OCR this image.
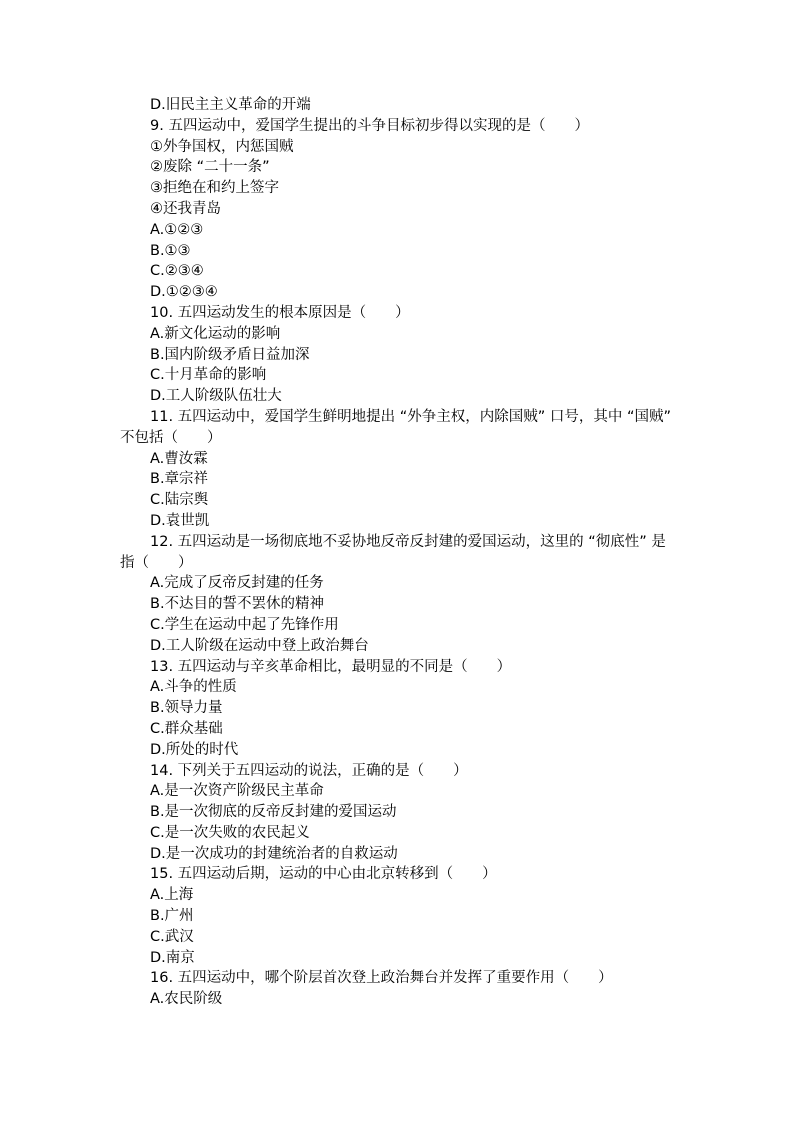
D.旧民主主义革命的开端
9. 五四运动中，爱国学生提出的斗争目标初步得以实现的是（　　）
①外争国权，内惩国贼
②废除 “二十一条”
③拒绝在和约上签字
④还我青岛
A.①②③
B.①③
C.②③④
D.①②③④
10. 五四运动发生的根本原因是（　　）
A.新文化运动的影响
B.国内阶级矛盾日益加深
C.十月革命的影响
D.工人阶级队伍壮大
11. 五四运动中，爱国学生鲜明地提出 “外争主权，内除国贼” 口号，其中 “国贼” 不包括（　　）
A.曹汝霖
B.章宗祥
C.陆宗舆
D.袁世凯
12. 五四运动是一场彻底地不妥协地反帝反封建的爱国运动，这里的 “彻底性” 是指（　　）
A.完成了反帝反封建的任务
B.不达目的誓不罢休的精神
C.学生在运动中起了先锋作用
D.工人阶级在运动中登上政治舞台
13. 五四运动与辛亥革命相比，最明显的不同是（　　）
A.斗争的性质
B.领导力量
C.群众基础
D.所处的时代
14. 下列关于五四运动的说法，正确的是（　　）
A.是一次资产阶级民主革命
B.是一次彻底的反帝反封建的爱国运动
C.是一次失败的农民起义
D.是一次成功的封建统治者的自救运动
15. 五四运动后期，运动的中心由北京转移到（　　）
A.上海
B.广州
C.武汉
D.南京
16. 五四运动中，哪个阶层首次登上政治舞台并发挥了重要作用（　　）
A.农民阶级
